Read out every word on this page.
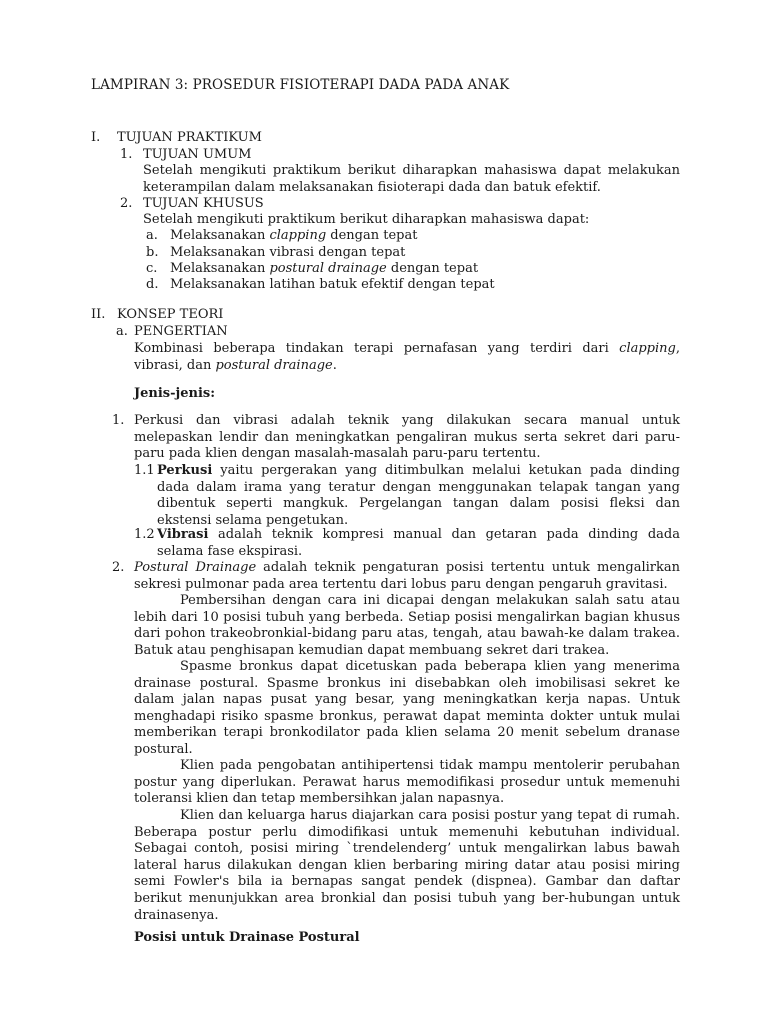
LAMPIRAN 3: PROSEDUR FISIOTERAPI DADA PADA ANAK
I. TUJUAN PRAKTIKUM
1. TUJUAN UMUM
Setelah mengikuti praktikum berikut diharapkan mahasiswa dapat melakukan keterampilan dalam melaksanakan fisioterapi dada dan batuk efektif.
2. TUJUAN KHUSUS
Setelah mengikuti praktikum berikut diharapkan mahasiswa dapat:
a. Melaksanakan clapping dengan tepat
b. Melaksanakan vibrasi dengan tepat
c. Melaksanakan postural drainage dengan tepat
d. Melaksanakan latihan batuk efektif dengan tepat
II. KONSEP TEORI
a. PENGERTIAN
Kombinasi beberapa tindakan terapi pernafasan yang terdiri dari clapping, vibrasi, dan postural drainage.
Jenis-jenis:
1. Perkusi dan vibrasi adalah teknik yang dilakukan secara manual untuk melepaskan lendir dan meningkatkan pengaliran mukus serta sekret dari paru-paru pada klien dengan masalah-masalah paru-paru tertentu.
1.1 Perkusi yaitu pergerakan yang ditimbulkan melalui ketukan pada dinding dada dalam irama yang teratur dengan menggunakan telapak tangan yang dibentuk seperti mangkuk. Pergelangan tangan dalam posisi fleksi dan ekstensi selama pengetukan.
1.2 Vibrasi adalah teknik kompresi manual dan getaran pada dinding dada selama fase ekspirasi.
2. Postural Drainage adalah teknik pengaturan posisi tertentu untuk mengalirkan sekresi pulmonar pada area tertentu dari lobus paru dengan pengaruh gravitasi.
Pembersihan dengan cara ini dicapai dengan melakukan salah satu atau lebih dari 10 posisi tubuh yang berbeda. Setiap posisi mengalirkan bagian khusus dari pohon trakeobronkial-bidang paru atas, tengah, atau bawah-ke dalam trakea. Batuk atau penghisapan kemudian dapat membuang sekret dari trakea.
Spasme bronkus dapat dicetuskan pada beberapa klien yang menerima drainase postural. Spasme bronkus ini disebabkan oleh imobilisasi sekret ke dalam jalan napas pusat yang besar, yang meningkatkan kerja napas. Untuk menghadapi risiko spasme bronkus, perawat dapat meminta dokter untuk mulai memberikan terapi bronkodilator pada klien selama 20 menit sebelum dranase postural.
Klien pada pengobatan antihipertensi tidak mampu mentolerir perubahan postur yang diperlukan. Perawat harus memodifikasi prosedur untuk memenuhi toleransi klien dan tetap membersihkan jalan napasnya.
Klien dan keluarga harus diajarkan cara posisi postur yang tepat di rumah. Beberapa postur perlu dimodifikasi untuk memenuhi kebutuhan individual. Sebagai contoh, posisi miring `trendelenderg’ untuk mengalirkan labus bawah lateral harus dilakukan dengan klien berbaring miring datar atau posisi miring semi Fowler's bila ia bernapas sangat pendek (dispnea). Gambar dan daftar berikut menunjukkan area bronkial dan posisi tubuh yang ber-hubungan untuk drainasenya.
Posisi untuk Drainase Postural
